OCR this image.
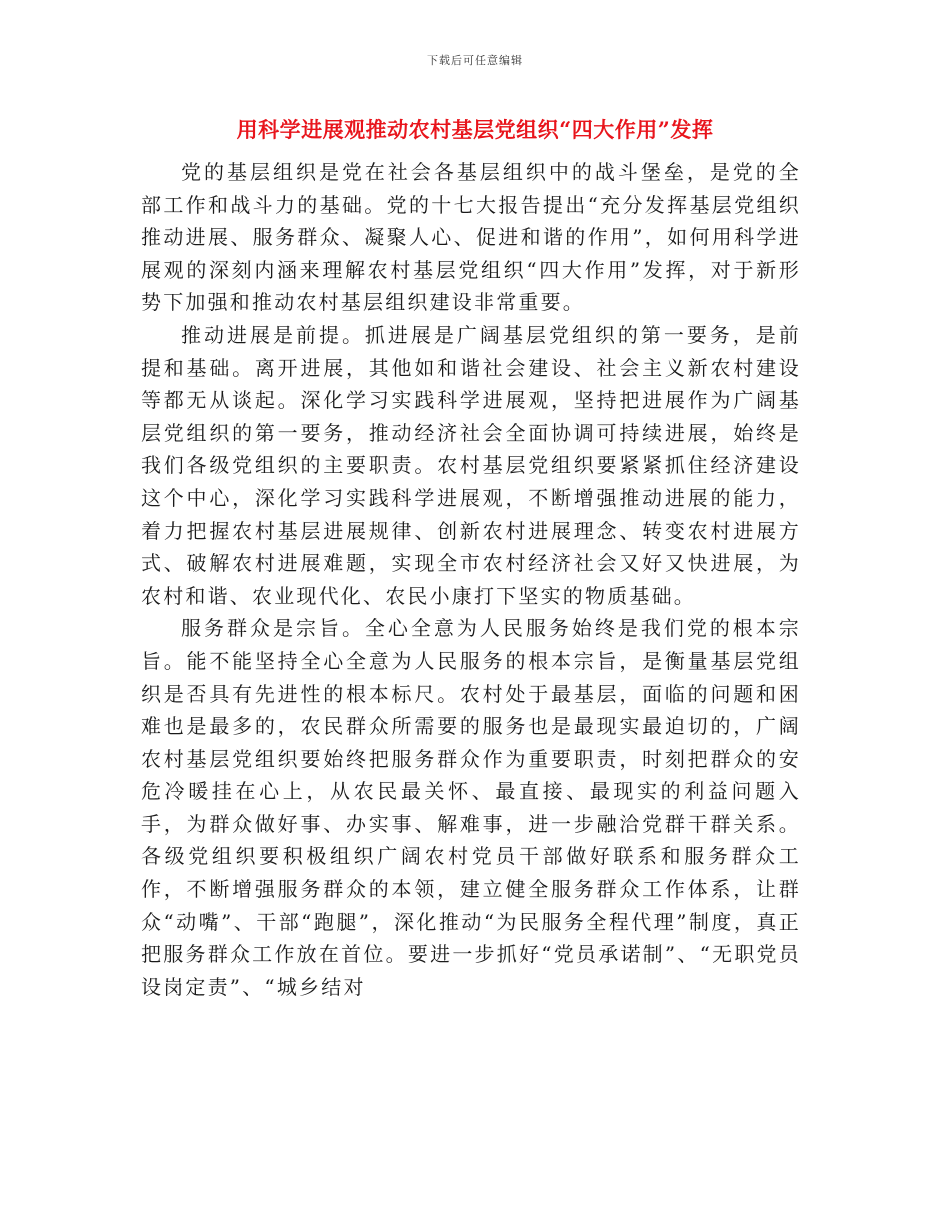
下载后可任意编辑
用科学进展观推动农村基层党组织“四大作用”发挥

党的基层组织是党在社会各基层组织中的战斗堡垒，是党的全部工作和战斗力的基础。党的十七大报告提出“充分发挥基层党组织推动进展、服务群众、凝聚人心、促进和谐的作用”，如何用科学进展观的深刻内涵来理解农村基层党组织“四大作用”发挥，对于新形势下加强和推动农村基层组织建设非常重要。

推动进展是前提。抓进展是广阔基层党组织的第一要务，是前提和基础。离开进展，其他如和谐社会建设、社会主义新农村建设等都无从谈起。深化学习实践科学进展观，坚持把进展作为广阔基层党组织的第一要务，推动经济社会全面协调可持续进展，始终是我们各级党组织的主要职责。农村基层党组织要紧紧抓住经济建设这个中心，深化学习实践科学进展观，不断增强推动进展的能力，着力把握农村基层进展规律、创新农村进展理念、转变农村进展方式、破解农村进展难题，实现全市农村经济社会又好又快进展，为农村和谐、农业现代化、农民小康打下坚实的物质基础。

服务群众是宗旨。全心全意为人民服务始终是我们党的根本宗旨。能不能坚持全心全意为人民服务的根本宗旨，是衡量基层党组织是否具有先进性的根本标尺。农村处于最基层，面临的问题和困难也是最多的，农民群众所需要的服务也是最现实最迫切的，广阔农村基层党组织要始终把服务群众作为重要职责，时刻把群众的安危冷暖挂在心上，从农民最关怀、最直接、最现实的利益问题入手，为群众做好事、办实事、解难事，进一步融洽党群干群关系。各级党组织要积极组织广阔农村党员干部做好联系和服务群众工作，不断增强服务群众的本领，建立健全服务群众工作体系，让群众“动嘴”、干部“跑腿”，深化推动“为民服务全程代理”制度，真正把服务群众工作放在首位。要进一步抓好“党员承诺制”、“无职党员设岗定责”、“城乡结对
